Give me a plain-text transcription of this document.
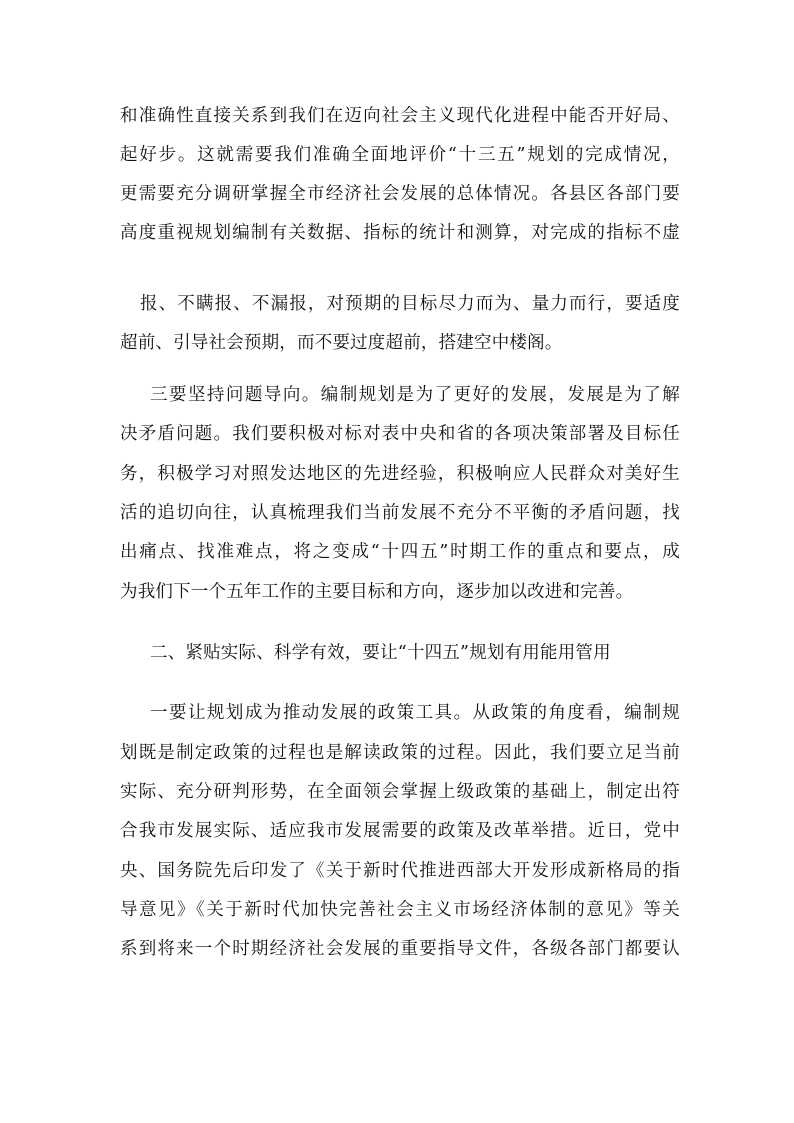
和准确性直接关系到我们在迈向社会主义现代化进程中能否开好局、

起好步。这就需要我们准确全面地评价“十三五”规划的完成情况，

更需要充分调研掌握全市经济社会发展的总体情况。各县区各部门要

高度重视规划编制有关数据、指标的统计和测算，对完成的指标不虚

报、不瞒报、不漏报，对预期的目标尽力而为、量力而行，要适度

超前、引导社会预期，而不要过度超前，搭建空中楼阁。

三要坚持问题导向。编制规划是为了更好的发展，发展是为了解

决矛盾问题。我们要积极对标对表中央和省的各项决策部署及目标任

务，积极学习对照发达地区的先进经验，积极响应人民群众对美好生

活的追切向往，认真梳理我们当前发展不充分不平衡的矛盾问题，找

出痛点、找准难点，将之变成“十四五”时期工作的重点和要点，成

为我们下一个五年工作的主要目标和方向，逐步加以改进和完善。

二、紧贴实际、科学有效，要让“十四五”规划有用能用管用

一要让规划成为推动发展的政策工具。从政策的角度看，编制规

划既是制定政策的过程也是解读政策的过程。因此，我们要立足当前

实际、充分研判形势，在全面领会掌握上级政策的基础上，制定出符

合我市发展实际、适应我市发展需要的政策及改革举措。近日，党中

央、国务院先后印发了《关于新时代推进西部大开发形成新格局的指

导意见》《关于新时代加快完善社会主义市场经济体制的意见》等关

系到将来一个时期经济社会发展的重要指导文件，各级各部门都要认
